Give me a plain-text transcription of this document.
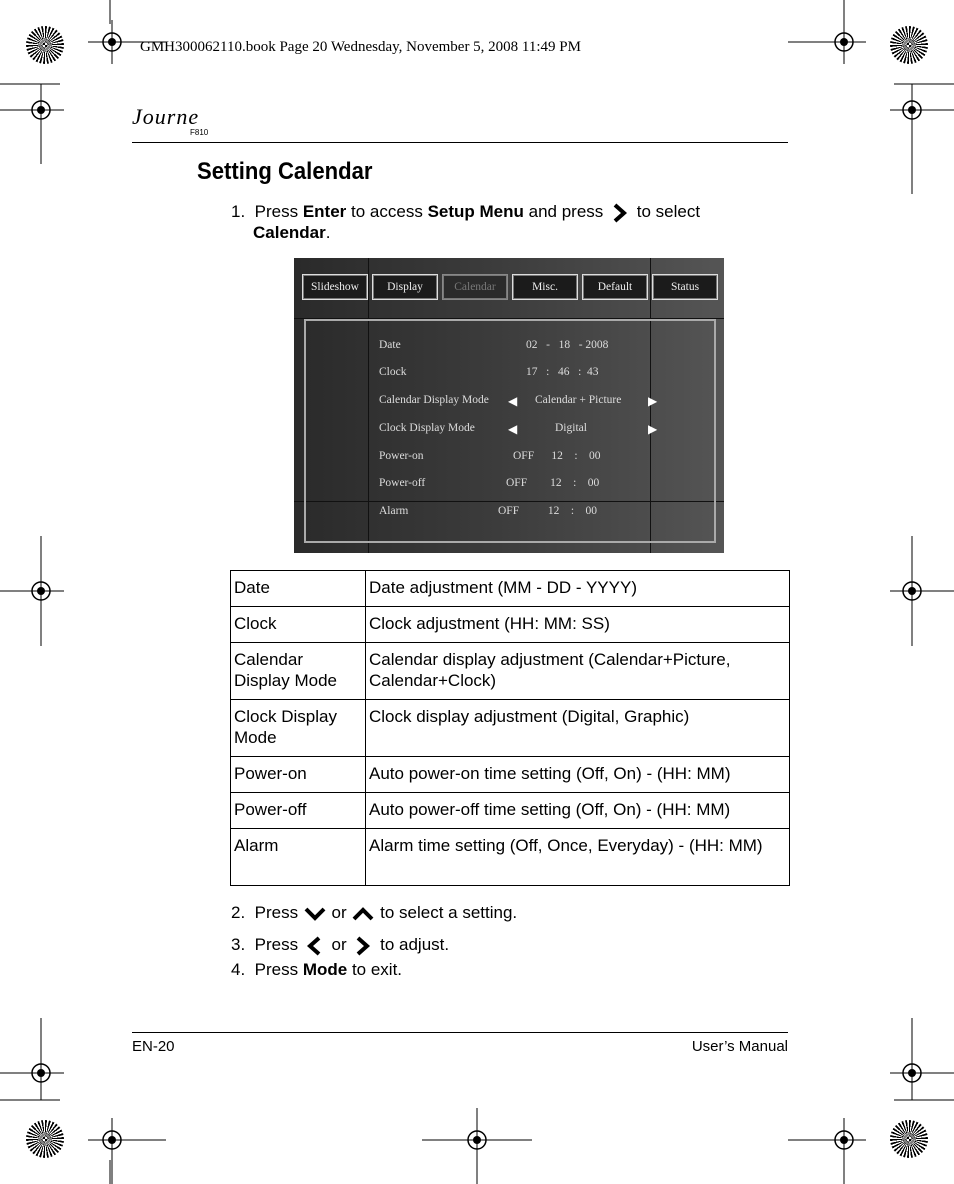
GMH300062110.book Page 20 Wednesday, November 5, 2008 11:49 PM
Journe
F810
Setting Calendar
1. Press Enter to access Setup Menu and press  to select
Calendar.
Slideshow	Display	Calendar	Misc.	Default	Status
Date	02   -   18   - 2008
Clock	17   :   46   :  43
Calendar Display Mode ◀ Calendar + Picture ▶
Clock Display Mode	◀	Digital	▶
Power-on	OFF      12    :    00
Power-off	OFF        12    :    00
Alarm	OFF          12    :    00
Date	Date adjustment (MM - DD - YYYY)
Clock	Clock adjustment (HH: MM: SS)
Calendar Display Mode	Calendar display adjustment (Calendar+Picture, Calendar+Clock)
Clock Display Mode	Clock display adjustment (Digital, Graphic)
Power-on	Auto power-on time setting (Off, On) - (HH: MM)
Power-off	Auto power-off time setting (Off, On) - (HH: MM)
Alarm	Alarm time setting (Off, Once, Everyday) - (HH: MM)
2. Press  or  to select a setting.
3. Press  or  to adjust.
4. Press Mode to exit.
EN-20	User’s Manual
